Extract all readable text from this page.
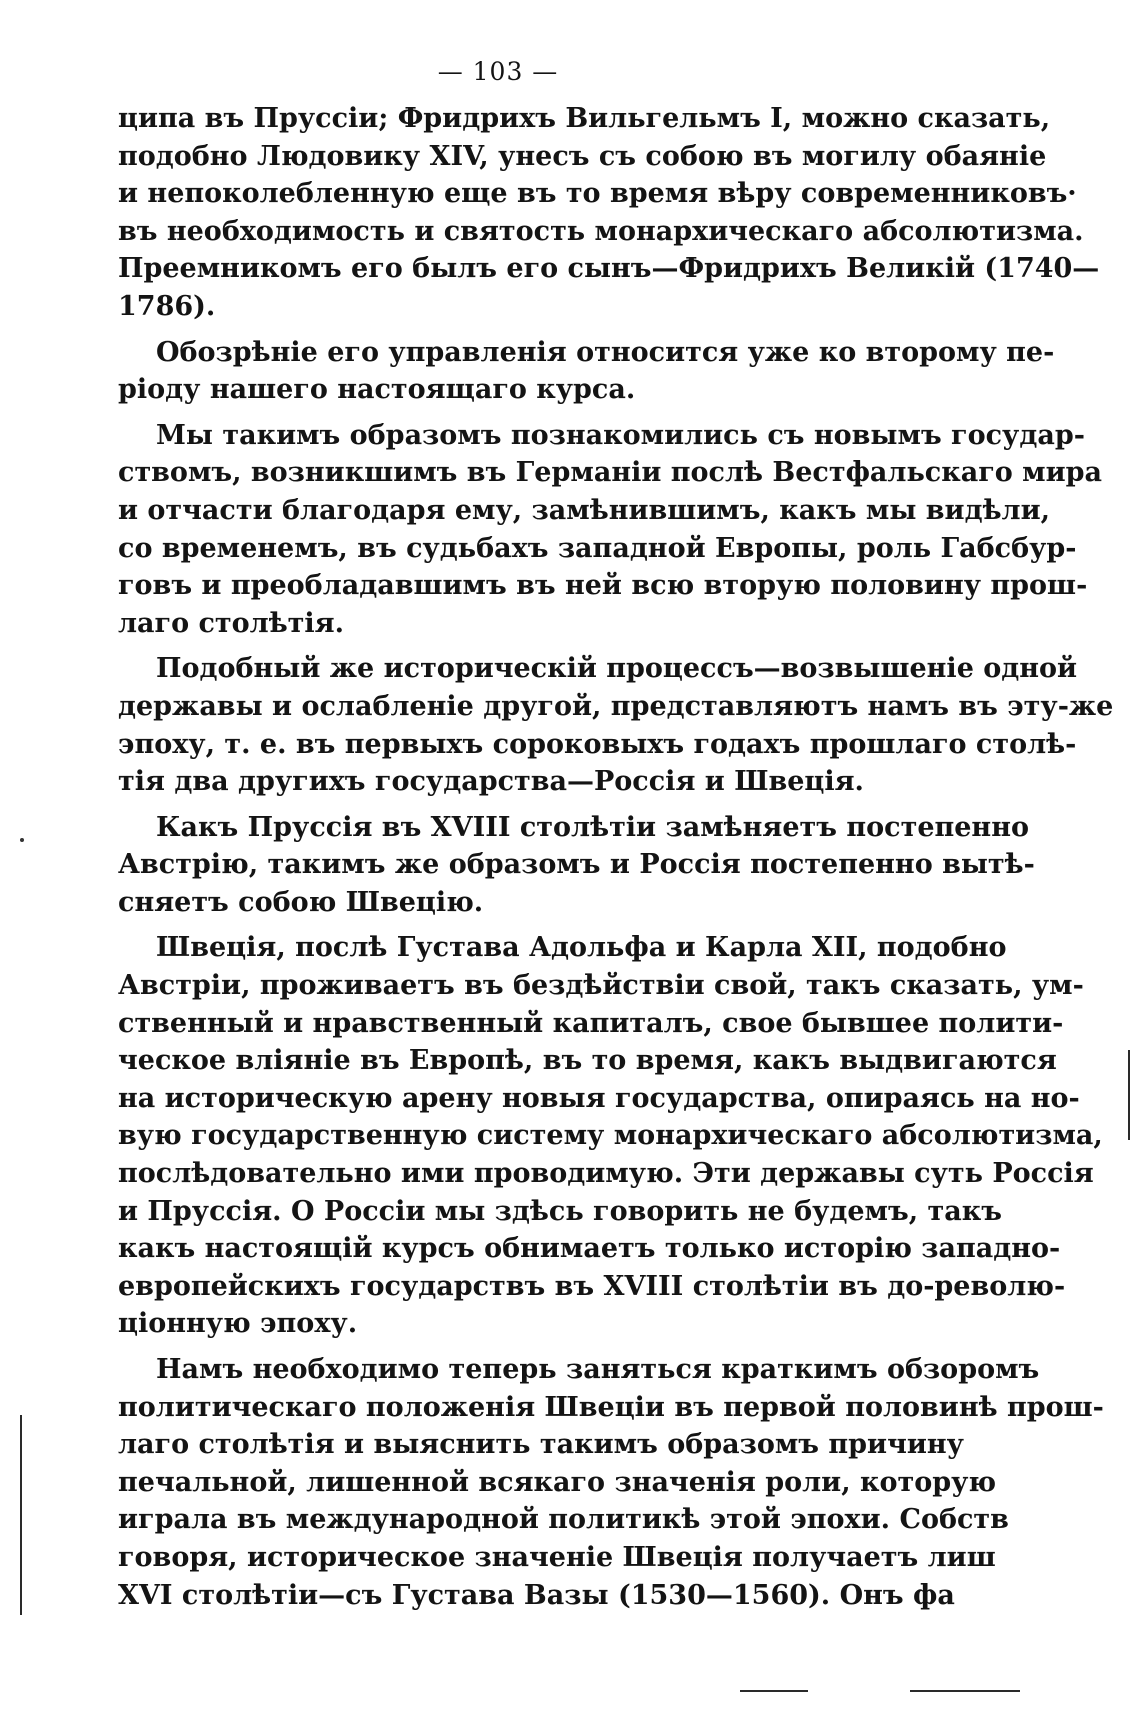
— 103 —
ципа въ Пруссіи; Фридрихъ Вильгельмъ I, можно сказать,
подобно Людовику XIV, унесъ съ собою въ могилу обаяніе
и непоколебленную еще въ то время вѣру современниковъ·
въ необходимость и святость монархическаго абсолютизма.
Преемникомъ его былъ его сынъ—Фридрихъ Великій (1740—
1786).
Обозрѣніе его управленія относится уже ко второму пе-
ріоду нашего настоящаго курса.
Мы такимъ образомъ познакомились съ новымъ государ-
ствомъ, возникшимъ въ Германіи послѣ Вестфальскаго мира
и отчасти благодаря ему, замѣнившимъ, какъ мы видѣли,
со временемъ, въ судьбахъ западной Европы, роль Габсбур-
говъ и преобладавшимъ въ ней всю вторую половину прош-
лаго столѣтія.
Подобный же историческій процессъ—возвышеніе одной
державы и ослабленіе другой, представляютъ намъ въ эту-же
эпоху, т. е. въ первыхъ сороковыхъ годахъ прошлаго столѣ-
тія два другихъ государства—Россія и Швеція.
Какъ Пруссія въ XVIII столѣтіи замѣняетъ постепенно
Австрію, такимъ же образомъ и Россія постепенно вытѣ-
сняетъ собою Швецію.
Швеція, послѣ Густава Адольфа и Карла XII, подобно
Австріи, проживаетъ въ бездѣйствіи свой, такъ сказать, ум-
ственный и нравственный капиталъ, свое бывшее полити-
ческое вліяніе въ Европѣ, въ то время, какъ выдвигаются
на историческую арену новыя государства, опираясь на но-
вую государственную систему монархическаго абсолютизма,
послѣдовательно ими проводимую. Эти державы суть Россія
и Пруссія. О Россіи мы здѣсь говорить не будемъ, такъ
какъ настоящій курсъ обнимаетъ только исторію западно-
европейскихъ государствъ въ XVIII столѣтіи въ до-револю-
ціонную эпоху.
Намъ необходимо теперь заняться краткимъ обзоромъ
политическаго положенія Швеціи въ первой половинѣ прош-
лаго столѣтія и выяснить такимъ образомъ причину
печальной, лишенной всякаго значенія роли, которую
играла въ международной политикѣ этой эпохи. Собств
говоря, историческое значеніе Швеція получаетъ лиш
XVI столѣтіи—съ Густава Вазы (1530—1560). Онъ фа
